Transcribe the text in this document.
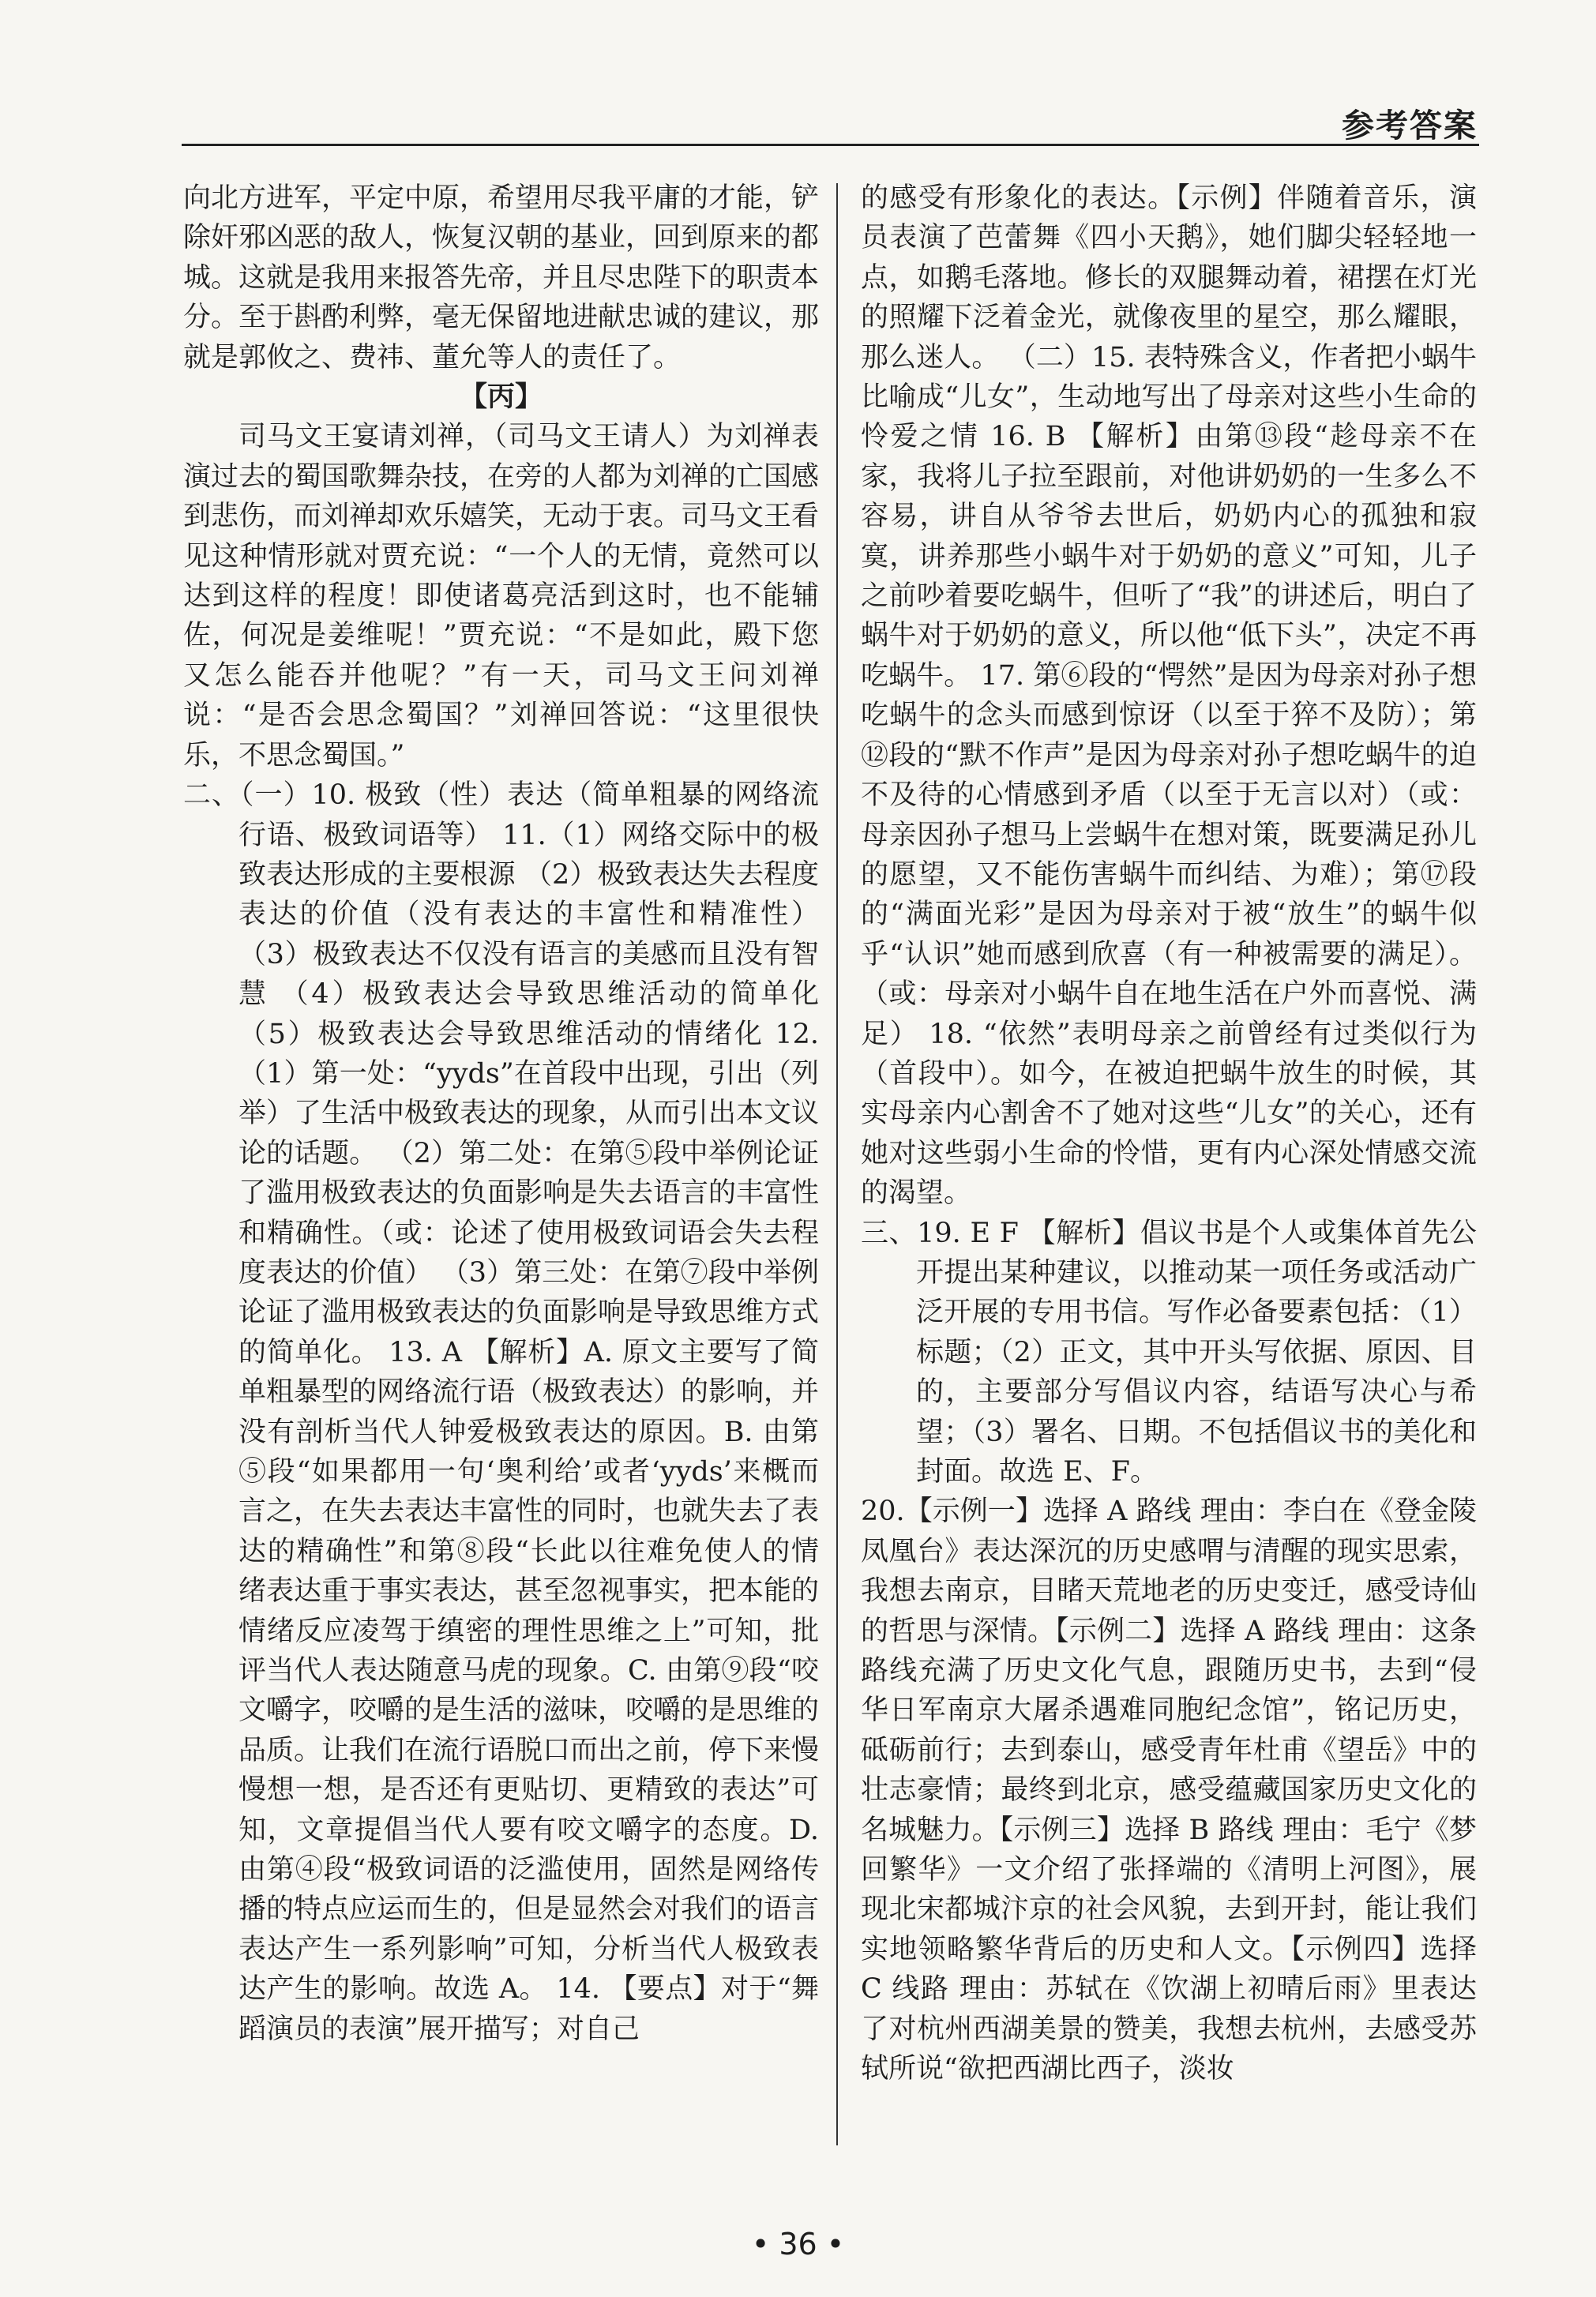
参考答案

向北方进军，平定中原，希望用尽我平庸的才能，铲除奸邪凶恶的敌人，恢复汉朝的基业，回到原来的都城。这就是我用来报答先帝，并且尽忠陛下的职责本分。至于斟酌利弊，毫无保留地进献忠诚的建议，那就是郭攸之、费祎、董允等人的责任了。

【丙】

司马文王宴请刘禅，（司马文王请人）为刘禅表演过去的蜀国歌舞杂技，在旁的人都为刘禅的亡国感到悲伤，而刘禅却欢乐嬉笑，无动于衷。司马文王看见这种情形就对贾充说：“一个人的无情，竟然可以达到这样的程度！即使诸葛亮活到这时，也不能辅佐，何况是姜维呢！”贾充说：“不是如此，殿下您又怎么能吞并他呢？”有一天，司马文王问刘禅说：“是否会思念蜀国？”刘禅回答说：“这里很快乐，不思念蜀国。”

二、（一）10. 极致（性）表达（简单粗暴的网络流行语、极致词语等） 11.（1）网络交际中的极致表达形成的主要根源 （2）极致表达失去程度表达的价值（没有表达的丰富性和精准性） （3）极致表达不仅没有语言的美感而且没有智慧 （4）极致表达会导致思维活动的简单化 （5）极致表达会导致思维活动的情绪化 12.（1）第一处：“yyds”在首段中出现，引出（列举）了生活中极致表达的现象，从而引出本文议论的话题。 （2）第二处：在第⑤段中举例论证了滥用极致表达的负面影响是失去语言的丰富性和精确性。（或：论述了使用极致词语会失去程度表达的价值） （3）第三处：在第⑦段中举例论证了滥用极致表达的负面影响是导致思维方式的简单化。 13. A 【解析】A. 原文主要写了简单粗暴型的网络流行语（极致表达）的影响，并没有剖析当代人钟爱极致表达的原因。B. 由第⑤段“如果都用一句‘奥利给’或者‘yyds’来概而言之，在失去表达丰富性的同时，也就失去了表达的精确性”和第⑧段“长此以往难免使人的情绪表达重于事实表达，甚至忽视事实，把本能的情绪反应凌驾于缜密的理性思维之上”可知，批评当代人表达随意马虎的现象。C. 由第⑨段“咬文嚼字，咬嚼的是生活的滋味，咬嚼的是思维的品质。让我们在流行语脱口而出之前，停下来慢慢想一想，是否还有更贴切、更精致的表达”可知，文章提倡当代人要有咬文嚼字的态度。D. 由第④段“极致词语的泛滥使用，固然是网络传播的特点应运而生的，但是显然会对我们的语言表达产生一系列影响”可知，分析当代人极致表达产生的影响。故选 A。 14. 【要点】对于“舞蹈演员的表演”展开描写；对自己

的感受有形象化的表达。【示例】伴随着音乐，演员表演了芭蕾舞《四小天鹅》，她们脚尖轻轻地一点，如鹅毛落地。修长的双腿舞动着，裙摆在灯光的照耀下泛着金光，就像夜里的星空，那么耀眼，那么迷人。 （二）15. 表特殊含义，作者把小蜗牛比喻成“儿女”，生动地写出了母亲对这些小生命的怜爱之情 16. B 【解析】由第⑬段“趁母亲不在家，我将儿子拉至跟前，对他讲奶奶的一生多么不容易，讲自从爷爷去世后，奶奶内心的孤独和寂寞，讲养那些小蜗牛对于奶奶的意义”可知，儿子之前吵着要吃蜗牛，但听了“我”的讲述后，明白了蜗牛对于奶奶的意义，所以他“低下头”，决定不再吃蜗牛。 17. 第⑥段的“愕然”是因为母亲对孙子想吃蜗牛的念头而感到惊讶（以至于猝不及防）；第⑫段的“默不作声”是因为母亲对孙子想吃蜗牛的迫不及待的心情感到矛盾（以至于无言以对）（或：母亲因孙子想马上尝蜗牛在想对策，既要满足孙儿的愿望，又不能伤害蜗牛而纠结、为难）；第⑰段的“满面光彩”是因为母亲对于被“放生”的蜗牛似乎“认识”她而感到欣喜（有一种被需要的满足）。（或：母亲对小蜗牛自在地生活在户外而喜悦、满足） 18. “依然”表明母亲之前曾经有过类似行为（首段中）。如今，在被迫把蜗牛放生的时候，其实母亲内心割舍不了她对这些“儿女”的关心，还有她对这些弱小生命的怜惜，更有内心深处情感交流的渴望。

三、19. E F 【解析】倡议书是个人或集体首先公开提出某种建议，以推动某一项任务或活动广泛开展的专用书信。写作必备要素包括：（1）标题；（2）正文，其中开头写依据、原因、目的，主要部分写倡议内容，结语写决心与希望；（3）署名、日期。不包括倡议书的美化和封面。故选 E、F。

20.【示例一】选择 A 路线 理由：李白在《登金陵凤凰台》表达深沉的历史感喟与清醒的现实思索，我想去南京，目睹天荒地老的历史变迁，感受诗仙的哲思与深情。【示例二】选择 A 路线 理由：这条路线充满了历史文化气息，跟随历史书，去到“侵华日军南京大屠杀遇难同胞纪念馆”，铭记历史，砥砺前行；去到泰山，感受青年杜甫《望岳》中的壮志豪情；最终到北京，感受蕴藏国家历史文化的名城魅力。【示例三】选择 B 路线 理由：毛宁《梦回繁华》一文介绍了张择端的《清明上河图》，展现北宋都城汴京的社会风貌，去到开封，能让我们实地领略繁华背后的历史和人文。【示例四】选择 C 线路 理由：苏轼在《饮湖上初晴后雨》里表达了对杭州西湖美景的赞美，我想去杭州，去感受苏轼所说“欲把西湖比西子，淡妆

• 36 •
